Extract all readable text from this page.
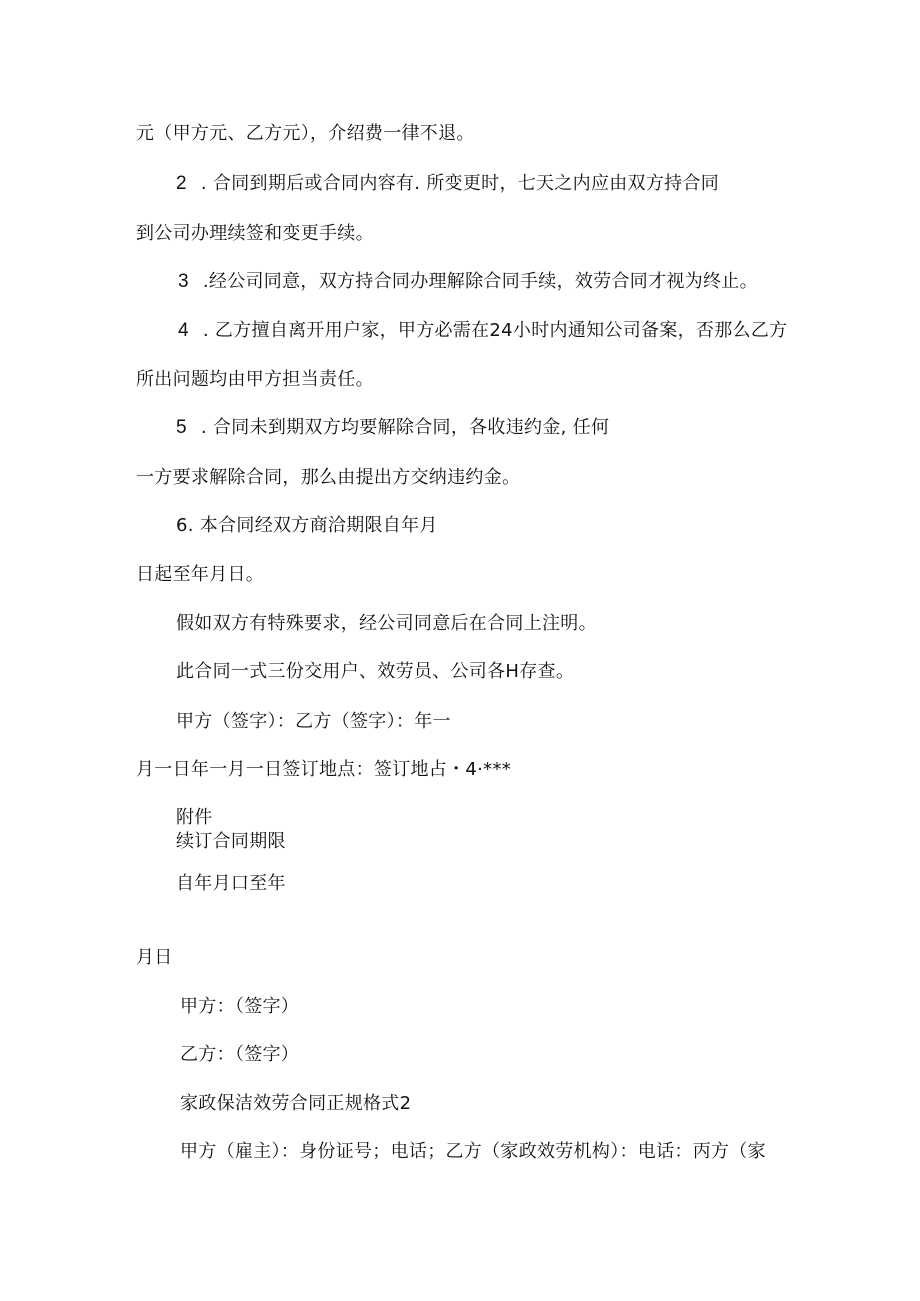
元（甲方元、乙方元），介绍费一律不退。
2 . 合同到期后或合同内容有. 所变更时，七天之内应由双方持合同
到公司办理续签和变更手续。
3 .经公司同意，双方持合同办理解除合同手续，效劳合同才视为终止。
4 . 乙方擅自离开用户家，甲方必需在24小时内通知公司备案，否那么乙方
所出问题均由甲方担当责任。
5 . 合同未到期双方均要解除合同，各收违约金, 任何
一方要求解除合同，那么由提出方交纳违约金。
6. 本合同经双方商洽期限自年月
日起至年月日。
假如双方有特殊要求，经公司同意后在合同上注明。
此合同一式三份交用户、效劳员、公司各H存查。
甲方（签字）：乙方（签字）：年一
月一日年一月一日签订地点：签订地占・4·***
附件
续订合同期限
自年月口至年
月日
甲方：（签字）
乙方：（签字）
家政保洁效劳合同正规格式2
甲方（雇主）：身份证号；电话；乙方（家政效劳机构）：电话：丙方（家
